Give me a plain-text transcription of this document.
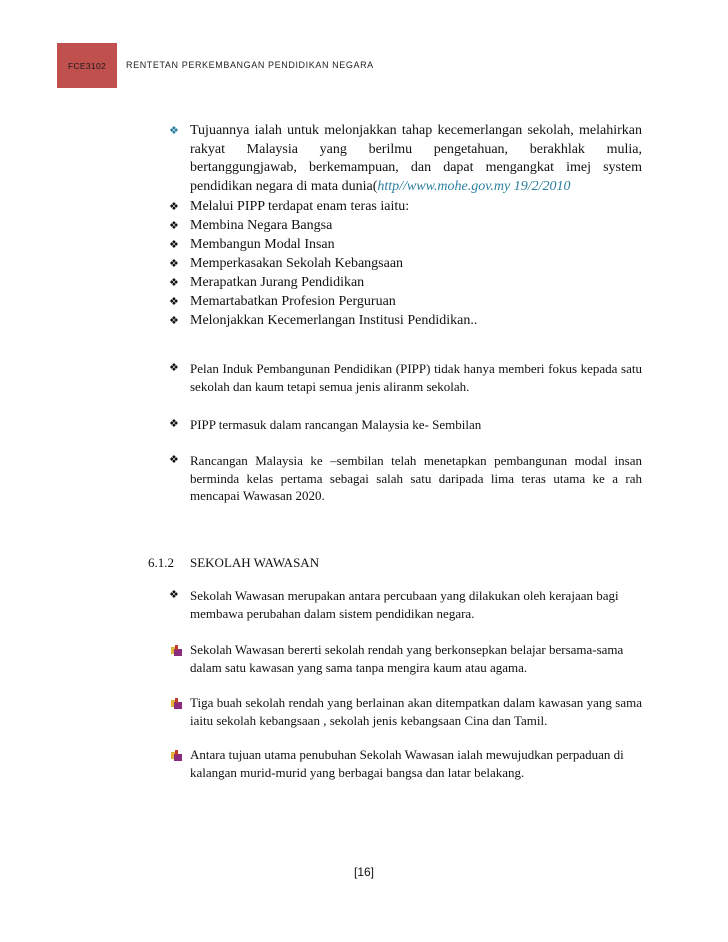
FCE3102 RENTETAN PERKEMBANGAN PENDIDIKAN NEGARA
❖ Tujuannya ialah untuk melonjakkan tahap kecemerlangan sekolah, melahirkan rakyat Malaysia yang berilmu pengetahuan, berakhlak mulia, bertanggungjawab, berkemampuan, dan dapat mengangkat imej system pendidikan negara di mata dunia(http//www.mohe.gov.my 19/2/2010
❖ Melalui PIPP terdapat enam teras iaitu:
❖ Membina Negara Bangsa
❖ Membangun Modal Insan
❖ Memperkasakan Sekolah Kebangsaan
❖ Merapatkan Jurang Pendidikan
❖ Memartabatkan Profesion Perguruan
❖ Melonjakkan Kecemerlangan Institusi Pendidikan..
❖ Pelan Induk Pembangunan Pendidikan (PIPP) tidak hanya memberi fokus kepada satu sekolah dan kaum tetapi semua jenis aliranm sekolah.
❖ PIPP termasuk dalam rancangan Malaysia ke- Sembilan
❖ Rancangan Malaysia ke –sembilan telah menetapkan pembangunan modal insan berminda kelas pertama sebagai salah satu daripada lima teras utama ke a rah mencapai Wawasan 2020.
6.1.2 SEKOLAH WAWASAN
❖ Sekolah Wawasan merupakan antara percubaan yang dilakukan oleh kerajaan bagi membawa perubahan dalam sistem pendidikan negara.
Sekolah Wawasan bererti sekolah rendah yang berkonsepkan belajar bersama-sama dalam satu kawasan yang sama tanpa mengira kaum atau agama.
Tiga buah sekolah rendah yang berlainan akan ditempatkan dalam kawasan yang sama iaitu sekolah kebangsaan , sekolah jenis kebangsaan Cina dan Tamil.
Antara tujuan utama penubuhan Sekolah Wawasan ialah mewujudkan perpaduan di kalangan murid-murid yang berbagai bangsa dan latar belakang.
[16]
